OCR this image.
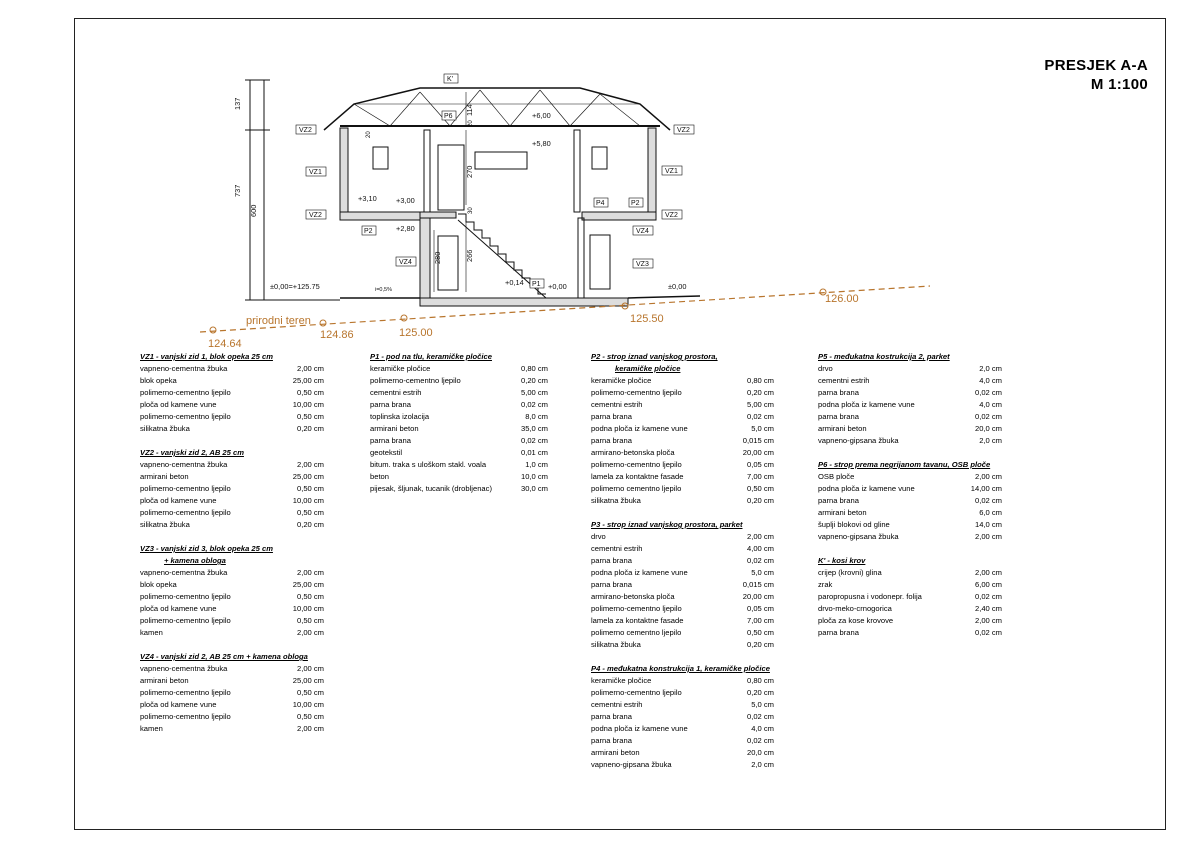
PRESJEK A-A
M 1:100
prirodni teren
124.64
124.86	125.00
125.50
126.00
+6,00
+5,80
+3,10	+3,00
+2,80
±0,00=+125.75	+0,14	+0,00	±0,00
i=0,5%
137
737
600
114
270
266
280
20
30
20
VZ2
VZ1
VZ2
VZ4
VZ2
VZ1
VZ2
VZ4
VZ3
K'
P6
P2
P4	P2
P1
VZ1 - vanjski zid 1, blok opeka 25 cm
vapneno-cementna žbuka	2,00 cm
blok opeka	25,00 cm
polimerno-cementno ljepilo	0,50 cm
ploča od kamene vune	10,00 cm
polimerno-cementno ljepilo	0,50 cm
silikatna žbuka	0,20 cm
VZ2 - vanjski zid 2, AB 25 cm
vapneno-cementna žbuka	2,00 cm
armirani beton	25,00 cm
polimerno-cementno ljepilo	0,50 cm
ploča od kamene vune	10,00 cm
polimerno-cementno ljepilo	0,50 cm
silikatna žbuka	0,20 cm
VZ3 - vanjski zid 3, blok opeka 25 cm
+ kamena obloga
vapneno-cementna žbuka	2,00 cm
blok opeka	25,00 cm
polimerno-cementno ljepilo	0,50 cm
ploča od kamene vune	10,00 cm
polimerno-cementno ljepilo	0,50 cm
kamen	2,00 cm
VZ4 - vanjski zid 2, AB 25 cm + kamena obloga
vapneno-cementna žbuka	2,00 cm
armirani beton	25,00 cm
polimerno-cementno ljepilo	0,50 cm
ploča od kamene vune	10,00 cm
polimerno-cementno ljepilo	0,50 cm
kamen	2,00 cm
P1 - pod na tlu, keramičke pločice
keramičke pločice	0,80 cm
polimerno-cementno ljepilo	0,20 cm
cementni estrih	5,00 cm
parna brana	0,02 cm
toplinska izolacija	8,0 cm
armirani beton	35,0 cm
parna brana	0,02 cm
geotekstil	0,01 cm
bitum. traka s uloškom stakl. voala	1,0 cm
beton	10,0 cm
pijesak, šljunak, tucanik (drobljenac)	30,0 cm
P2 - strop iznad vanjskog prostora,
keramičke pločice
keramičke pločice	0,80 cm
polimerno-cementno ljepilo	0,20 cm
cementni estrih	5,00 cm
parna brana	0,02 cm
podna ploča iz kamene vune	5,0 cm
parna brana	0,015 cm
armirano-betonska ploča	20,00 cm
polimerno-cementno ljepilo	0,05 cm
lamela za kontaktne fasade	7,00 cm
polimerno cementno ljepilo	0,50 cm
silikatna žbuka	0,20 cm
P3 - strop iznad vanjskog prostora, parket
drvo	2,00 cm
cementni estrih	4,00 cm
parna brana	0,02 cm
podna ploča iz kamene vune	5,0 cm
parna brana	0,015 cm
armirano-betonska ploča	20,00 cm
polimerno-cementno ljepilo	0,05 cm
lamela za kontaktne fasade	7,00 cm
polimerno cementno ljepilo	0,50 cm
silikatna žbuka	0,20 cm
P4 - međukatna konstrukcija 1, keramičke pločice
keramičke pločice	0,80 cm
polimerno-cementno ljepilo	0,20 cm
cementni estrih	5,0 cm
parna brana	0,02 cm
podna ploča iz kamene vune	4,0 cm
parna brana	0,02 cm
armirani beton	20,0 cm
vapneno-gipsana žbuka	2,0 cm
P5 - međukatna kostrukcija 2, parket
drvo	2,0 cm
cementni estrih	4,0 cm
parna brana	0,02 cm
podna ploča iz kamene vune	4,0 cm
parna brana	0,02 cm
armirani beton	20,0 cm
vapneno-gipsana žbuka	2,0 cm
P6 - strop prema negrijanom tavanu, OSB ploče
OSB ploče	2,00 cm
podna ploča iz kamene vune	14,00 cm
parna brana	0,02 cm
armirani beton	6,0 cm
šuplji blokovi od gline	14,0 cm
vapneno-gipsana žbuka	2,00 cm
K' - kosi krov
crijep (krovni) glina	2,00 cm
zrak	6,00 cm
paropropusna i vodonepr. folija	0,02 cm
drvo-meko-crnogorica	2,40 cm
ploča za kose krovove	2,00 cm
parna brana	0,02 cm
